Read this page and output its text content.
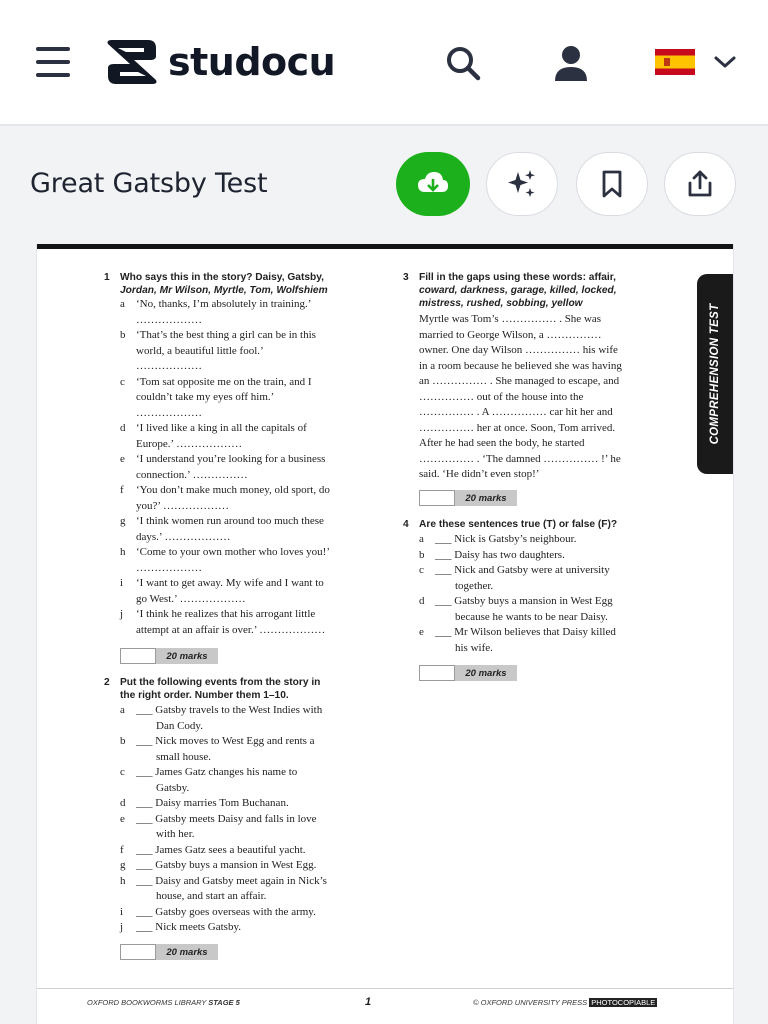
studocu
Great Gatsby Test
1 Who says this in the story? Daisy, Gatsby,
Jordan, Mr Wilson, Myrtle, Tom, Wolfshiem
a ‘No, thanks, I’m absolutely in training.’
………………
b ‘That’s the best thing a girl can be in this
world, a beautiful little fool.’
………………
c ‘Tom sat opposite me on the train, and I
couldn’t take my eyes off him.’
………………
d ‘I lived like a king in all the capitals of
Europe.’ ………………
e ‘I understand you’re looking for a business
connection.’ ……………
f ‘You don’t make much money, old sport, do
you?’ ………………
g ‘I think women run around too much these
days.’ ………………
h ‘Come to your own mother who loves you!’
………………
i ‘I want to get away. My wife and I want to
go West.’ ………………
j ‘I think he realizes that his arrogant little
attempt at an affair is over.’ ………………
20 marks
2 Put the following events from the story in
the right order. Number them 1–10.
a ___ Gatsby travels to the West Indies with
Dan Cody.
b ___ Nick moves to West Egg and rents a
small house.
c ___ James Gatz changes his name to
Gatsby.
d ___ Daisy marries Tom Buchanan.
e ___ Gatsby meets Daisy and falls in love
with her.
f ___ James Gatz sees a beautiful yacht.
g ___ Gatsby buys a mansion in West Egg.
h ___ Daisy and Gatsby meet again in Nick’s
house, and start an affair.
i ___ Gatsby goes overseas with the army.
j ___ Nick meets Gatsby.
20 marks
3 Fill in the gaps using these words: affair,
coward, darkness, garage, killed, locked,
mistress, rushed, sobbing, yellow
Myrtle was Tom’s …………… . She was
married to George Wilson, a ……………
owner. One day Wilson …………… his wife
in a room because he believed she was having
an …………… . She managed to escape, and
…………… out of the house into the
…………… . A …………… car hit her and
…………… her at once. Soon, Tom arrived.
After he had seen the body, he started
…………… . ‘The damned …………… !’ he
said. ‘He didn’t even stop!’
20 marks
4 Are these sentences true (T) or false (F)?
a ___ Nick is Gatsby’s neighbour.
b ___ Daisy has two daughters.
c ___ Nick and Gatsby were at university
together.
d ___ Gatsby buys a mansion in West Egg
because he wants to be near Daisy.
e ___ Mr Wilson believes that Daisy killed
his wife.
20 marks
COMPREHENSION TEST
OXFORD BOOKWORMS LIBRARY STAGE 5	1	© OXFORD UNIVERSITY PRESS PHOTOCOPIABLE
